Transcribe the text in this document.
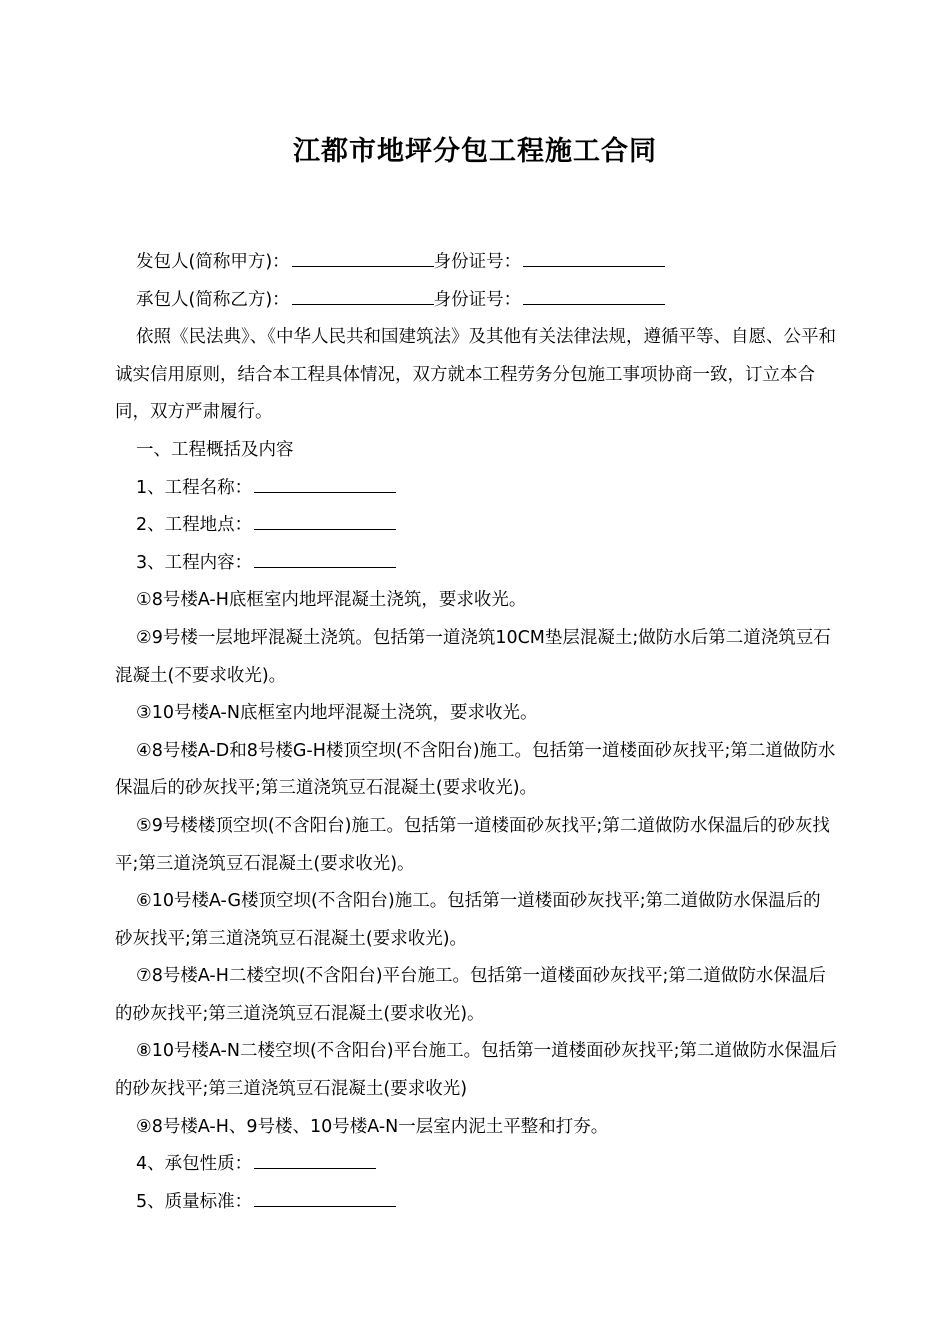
江都市地坪分包工程施工合同

发包人(简称甲方)：	身份证号：

承包人(简称乙方)：	身份证号：

依照《民法典》、《中华人民共和国建筑法》及其他有关法律法规，遵循平等、自愿、公平和诚实信用原则，结合本工程具体情况，双方就本工程劳务分包施工事项协商一致，订立本合同，双方严肃履行。

一、工程概括及内容

1、工程名称：

2、工程地点：

3、工程内容：

①8号楼A-H底框室内地坪混凝土浇筑，要求收光。

②9号楼一层地坪混凝土浇筑。包括第一道浇筑10CM垫层混凝土;做防水后第二道浇筑豆石混凝土(不要求收光)。

③10号楼A-N底框室内地坪混凝土浇筑，要求收光。

④8号楼A-D和8号楼G-H楼顶空坝(不含阳台)施工。包括第一道楼面砂灰找平;第二道做防水保温后的砂灰找平;第三道浇筑豆石混凝土(要求收光)。

⑤9号楼楼顶空坝(不含阳台)施工。包括第一道楼面砂灰找平;第二道做防水保温后的砂灰找平;第三道浇筑豆石混凝土(要求收光)。

⑥10号楼A-G楼顶空坝(不含阳台)施工。包括第一道楼面砂灰找平;第二道做防水保温后的砂灰找平;第三道浇筑豆石混凝土(要求收光)。

⑦8号楼A-H二楼空坝(不含阳台)平台施工。包括第一道楼面砂灰找平;第二道做防水保温后的砂灰找平;第三道浇筑豆石混凝土(要求收光)。

⑧10号楼A-N二楼空坝(不含阳台)平台施工。包括第一道楼面砂灰找平;第二道做防水保温后的砂灰找平;第三道浇筑豆石混凝土(要求收光)

⑨8号楼A-H、9号楼、10号楼A-N一层室内泥土平整和打夯。

4、承包性质：

5、质量标准：
